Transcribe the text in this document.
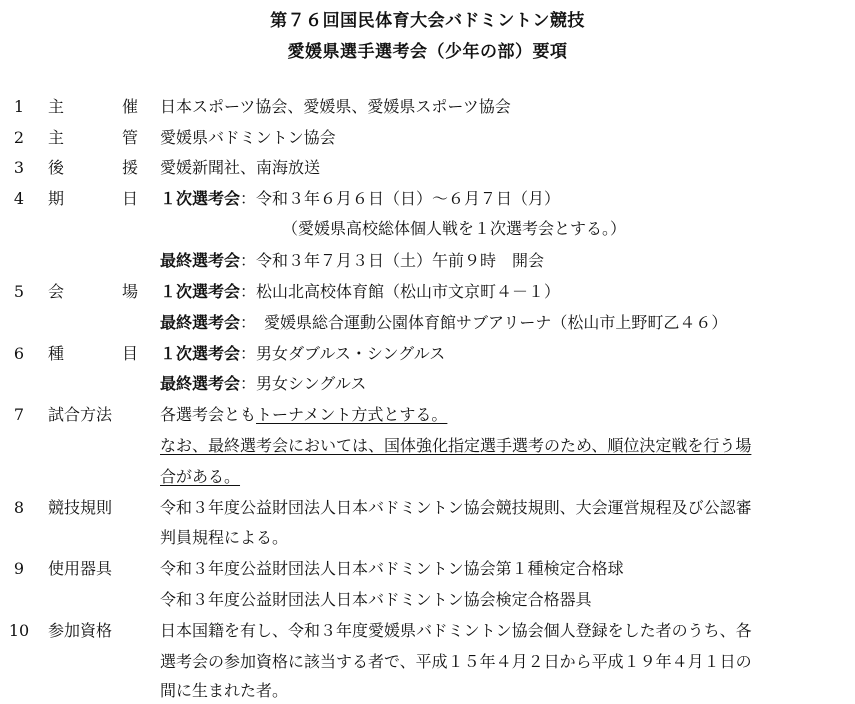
第７６回国民体育大会バドミントン競技
愛媛県選手選考会（少年の部）要項
1	主	催 日本スポーツ協会、愛媛県、愛媛県スポーツ協会
2	主	管 愛媛県バドミントン協会
3	後	援 愛媛新聞社、南海放送
4	期	日 １次選考会：令和３年６月６日（日）～６月７日（月）
（愛媛県高校総体個人戦を１次選考会とする。）
最終選考会：令和３年７月３日（土）午前９時　開会
5	会	場 １次選考会：松山北高校体育館（松山市文京町４－１）
最終選考会：　愛媛県総合運動公園体育館サブアリーナ（松山市上野町乙４６）
6	種	目 １次選考会：男女ダブルス・シングルス
最終選考会：男女シングルス
7	試合方法	各選考会ともトーナメント方式とする。
なお、最終選考会においては、国体強化指定選手選考のため、順位決定戦を行う場
合がある。
8	競技規則	令和３年度公益財団法人日本バドミントン協会競技規則、大会運営規程及び公認審
判員規程による。
9	使用器具	令和３年度公益財団法人日本バドミントン協会第１種検定合格球
令和３年度公益財団法人日本バドミントン協会検定合格器具
10 参加資格	日本国籍を有し、令和３年度愛媛県バドミントン協会個人登録をした者のうち、各
選考会の参加資格に該当する者で、平成１５年４月２日から平成１９年４月１日の
間に生まれた者。
